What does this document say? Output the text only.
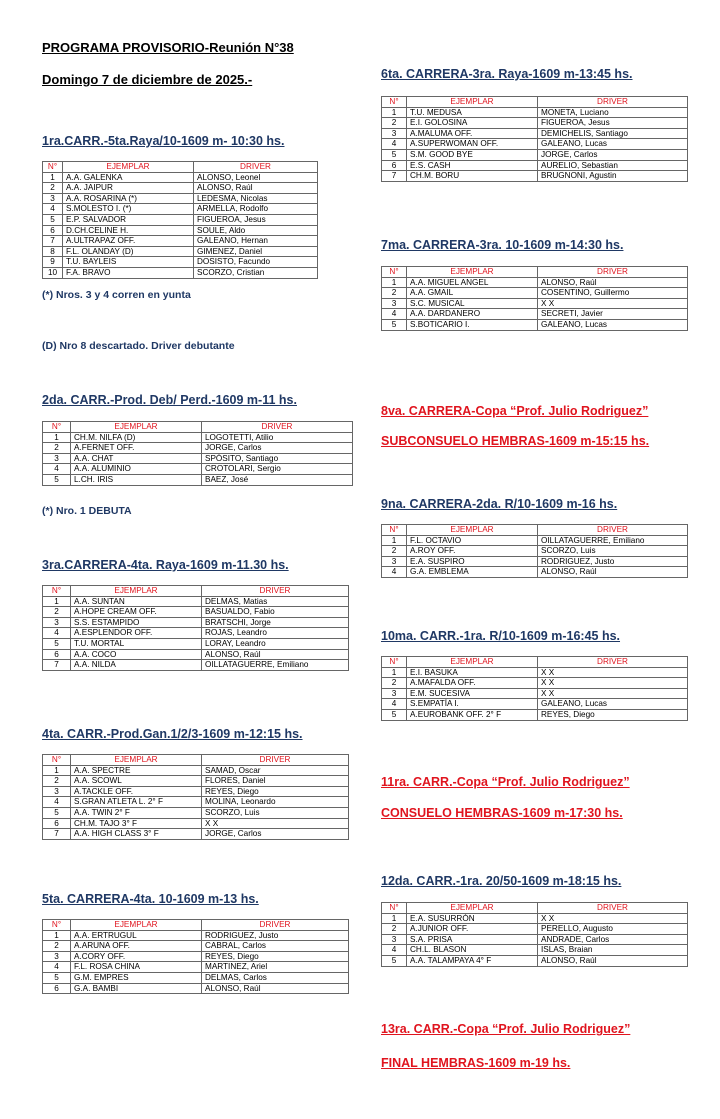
PROGRAMA PROVISORIO-Reunión N°38
Domingo 7 de diciembre de 2025.-
1ra.CARR.-5ta.Raya/10-1609 m- 10:30 hs.
N°	EJEMPLAR	DRIVER
1	A.A. GALENKA	ALONSO, Leonel
2	A.A. JAIPUR	ALONSO, Raúl
3	A.A. ROSARINA (*)	LEDESMA, Nicolas
4	S.MOLESTO I. (*)	ARMELLA, Rodolfo
5	E.P. SALVADOR	FIGUEROA, Jesus
6	D.CH.CELINE H.	SOULE, Aldo
7	A.ULTRAPAZ OFF.	GALEANO, Hernan
8	F.L. OLANDAY (D)	GIMENEZ, Daniel
9	T.U. BAYLEIS	DOSISTO, Facundo
10	F.A. BRAVO	SCORZO, Cristian
(*) Nros. 3 y 4 corren en yunta
(D) Nro 8 descartado. Driver debutante
2da. CARR.-Prod. Deb/ Perd.-1609 m-11 hs.
N°	EJEMPLAR	DRIVER
1	CH.M. NILFA (D)	LOGOTETTI, Atilio
2	A.FERNET OFF.	JORGE, Carlos
3	A.A. CHAT	SPÓSITO, Santiago
4	A.A. ALUMINIO	CROTOLARI, Sergio
5	L.CH. IRIS	BAEZ, José
(*) Nro. 1 DEBUTA
3ra.CARRERA-4ta. Raya-1609 m-11.30 hs.
N°	EJEMPLAR	DRIVER
1	A.A. SUNTAN	DELMAS, Matias
2	A.HOPE CREAM OFF.	BASUALDO, Fabio
3	S.S. ESTAMPIDO	BRATSCHI, Jorge
4	A.ESPLENDOR OFF.	ROJAS, Leandro
5	T.U. MORTAL	LORAY, Leandro
6	A.A. COCO	ALONSO, Raúl
7	A.A. NILDA	OILLATAGUERRE, Emiliano
4ta. CARR.-Prod.Gan.1/2/3-1609 m-12:15 hs.
N°	EJEMPLAR	DRIVER
1	A.A. SPECTRE	SAMAD, Oscar
2	A.A. SCOWL	FLORES, Daniel
3	A.TACKLE OFF.	REYES, Diego
4	S.GRAN ATLETA L. 2° F	MOLINA, Leonardo
5	A.A. TWIN 2° F	SCORZO, Luis
6	CH.M. TAJO 3° F	X X
7	A.A. HIGH CLASS 3° F	JORGE, Carlos
5ta. CARRERA-4ta. 10-1609 m-13 hs.
N°	EJEMPLAR	DRIVER
1	A.A. ERTRUGUL	RODRIGUEZ, Justo
2	A.ARUNA OFF.	CABRAL, Carlos
3	A.CORY OFF.	REYES, Diego
4	F.L. ROSA CHINA	MARTINEZ, Ariel
5	G.M. EMPRES	DELMAS, Carlos
6	G.A. BAMBI	ALONSO, Raúl
6ta. CARRERA-3ra. Raya-1609 m-13:45 hs.
N°	EJEMPLAR	DRIVER
1	T.U. MEDUSA	MONETA, Luciano
2	E.I. GOLOSINA	FIGUEROA, Jesus
3	A.MALUMA OFF.	DEMICHELIS, Santiago
4	A.SUPERWOMAN OFF.	GALEANO, Lucas
5	S.M. GOOD BYE	JORGE, Carlos
6	E.S. CASH	AURELIO, Sebastian
7	CH.M. BORU	BRUGNONI, Agustin
7ma. CARRERA-3ra. 10-1609 m-14:30 hs.
N°	EJEMPLAR	DRIVER
1	A.A. MIGUEL ANGEL	ALONSO, Raúl
2	A.A. GMAIL	COSENTINO, Guillermo
3	S.C. MUSICAL	X X
4	A.A. DARDANERO	SECRETI, Javier
5	S.BOTICARIO I.	GALEANO, Lucas
8va. CARRERA-Copa “Prof. Julio Rodriguez”
SUBCONSUELO HEMBRAS-1609 m-15:15 hs.
9na. CARRERA-2da. R/10-1609 m-16 hs.
N°	EJEMPLAR	DRIVER
1	F.L. OCTAVIO	OILLATAGUERRE, Emiliano
2	A.ROY OFF.	SCORZO, Luis
3	E.A. SUSPIRO	RODRIGUEZ, Justo
4	G.A. EMBLEMA	ALONSO, Raúl
10ma. CARR.-1ra. R/10-1609 m-16:45 hs.
N°	EJEMPLAR	DRIVER
1	E.I. BASUKA	X X
2	A.MAFALDA OFF.	X X
3	E.M. SUCESIVA	X X
4	S.EMPATÍA I.	GALEANO, Lucas
5	A.EUROBANK OFF. 2° F	REYES, Diego
11ra. CARR.-Copa “Prof. Julio Rodriguez”
CONSUELO HEMBRAS-1609 m-17:30 hs.
12da. CARR.-1ra. 20/50-1609 m-18:15 hs.
N°	EJEMPLAR	DRIVER
1	E.A. SUSURRÓN	X X
2	A.JUNIOR OFF.	PERELLO, Augusto
3	S.A. PRISA	ANDRADE, Carlos
4	CH.L. BLASON	ISLAS, Braian
5	A.A. TALAMPAYA 4° F	ALONSO, Raúl
13ra. CARR.-Copa “Prof. Julio Rodriguez”
FINAL HEMBRAS-1609 m-19 hs.
